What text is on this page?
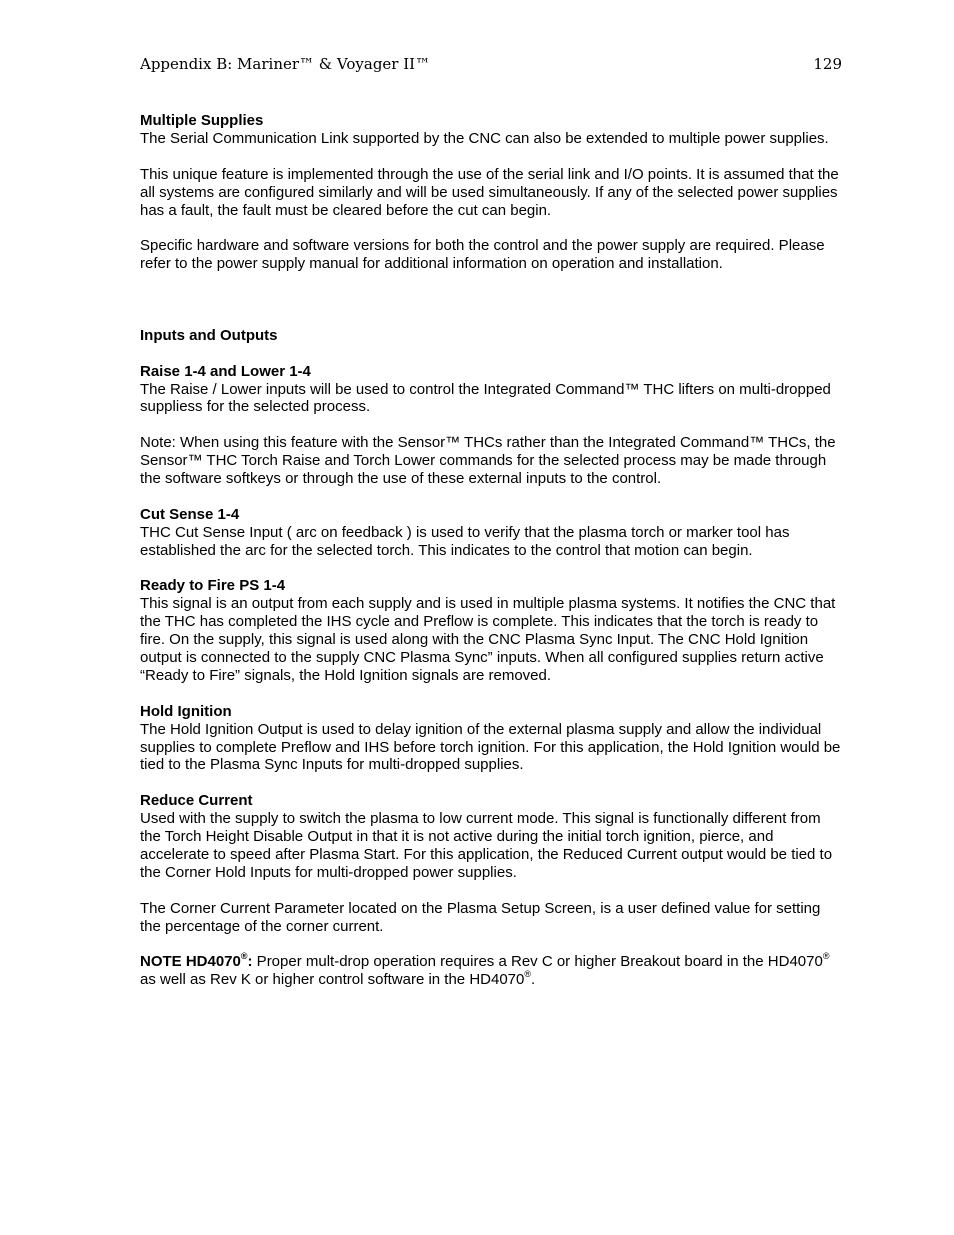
Appendix B: Mariner™ & Voyager II™	129

Multiple Supplies

The Serial Communication Link supported by the CNC can also be extended to multiple power supplies.

This unique feature is implemented through the use of the serial link and I/O points. It is assumed that the all systems are configured similarly and will be used simultaneously. If any of the selected power supplies has a fault, the fault must be cleared before the cut can begin.

Specific hardware and software versions for both the control and the power supply are required. Please refer to the power supply manual for additional information on operation and installation.

Inputs and Outputs

Raise 1-4 and Lower 1-4

The Raise / Lower inputs will be used to control the Integrated Command™ THC lifters on multi-dropped suppliess for the selected process.

Note: When using this feature with the Sensor™ THCs rather than the Integrated Command™ THCs, the Sensor™ THC Torch Raise and Torch Lower commands for the selected process may be made through the software softkeys or through the use of these external inputs to the control.

Cut Sense 1-4

THC Cut Sense Input ( arc on feedback ) is used to verify that the plasma torch or marker tool has established the arc for the selected torch. This indicates to the control that motion can begin.

Ready to Fire PS 1-4

This signal is an output from each supply and is used in multiple plasma systems. It notifies the CNC that the THC has completed the IHS cycle and Preflow is complete. This indicates that the torch is ready to fire. On the supply, this signal is used along with the CNC Plasma Sync Input. The CNC Hold Ignition output is connected to the supply CNC Plasma Sync” inputs. When all configured supplies return active “Ready to Fire” signals, the Hold Ignition signals are removed.

Hold Ignition

The Hold Ignition Output is used to delay ignition of the external plasma supply and allow the individual supplies to complete Preflow and IHS before torch ignition. For this application, the Hold Ignition would be tied to the Plasma Sync Inputs for multi-dropped supplies.

Reduce Current

Used with the supply to switch the plasma to low current mode. This signal is functionally different from the Torch Height Disable Output in that it is not active during the initial torch ignition, pierce, and accelerate to speed after Plasma Start. For this application, the Reduced Current output would be tied to the Corner Hold Inputs for multi-dropped power supplies.

The Corner Current Parameter located on the Plasma Setup Screen, is a user defined value for setting the percentage of the corner current.

NOTE HD4070®: Proper mult-drop operation requires a Rev C or higher Breakout board in the HD4070® as well as Rev K or higher control software in the HD4070®.
